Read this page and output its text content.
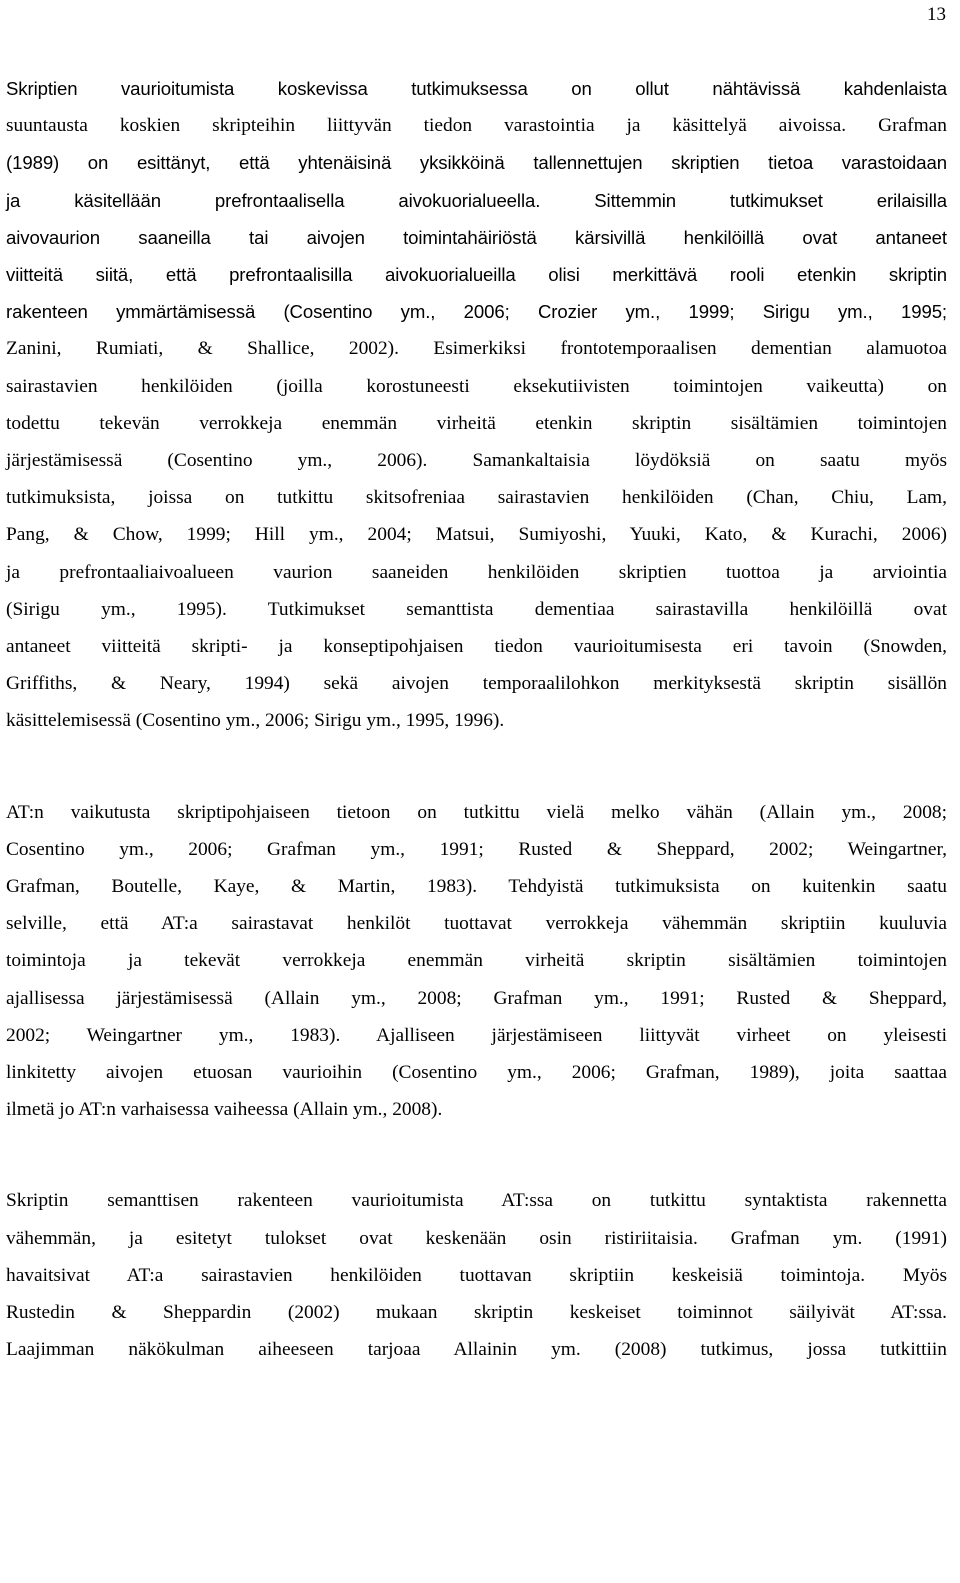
13
Skriptien vaurioitumista koskevissa tutkimuksessa on ollut nähtävissä kahdenlaista
suuntausta koskien skripteihin liittyvän tiedon varastointia ja käsittelyä aivoissa. Grafman
(1989) on esittänyt, että yhtenäisinä yksikköinä tallennettujen skriptien tietoa varastoidaan
ja käsitellään prefrontaalisella aivokuorialueella. Sittemmin tutkimukset erilaisilla
aivovaurion saaneilla tai aivojen toimintahäiriöstä kärsivillä henkilöillä ovat antaneet
viitteitä siitä, että prefrontaalisilla aivokuorialueilla olisi merkittävä rooli etenkin skriptin
rakenteen ymmärtämisessä (Cosentino ym., 2006; Crozier ym., 1999; Sirigu ym., 1995;
Zanini, Rumiati, & Shallice, 2002). Esimerkiksi frontotemporaalisen dementian alamuotoa
sairastavien henkilöiden (joilla korostuneesti eksekutiivisten toimintojen vaikeutta) on
todettu tekevän verrokkeja enemmän virheitä etenkin skriptin sisältämien toimintojen
järjestämisessä (Cosentino ym., 2006). Samankaltaisia löydöksiä on saatu myös
tutkimuksista, joissa on tutkittu skitsofreniaa sairastavien henkilöiden (Chan, Chiu, Lam,
Pang, & Chow, 1999; Hill ym., 2004; Matsui, Sumiyoshi, Yuuki, Kato, & Kurachi, 2006)
ja prefrontaaliaivoalueen vaurion saaneiden henkilöiden skriptien tuottoa ja arviointia
(Sirigu ym., 1995). Tutkimukset semanttista dementiaa sairastavilla henkilöillä ovat
antaneet viitteitä skripti- ja konseptipohjaisen tiedon vaurioitumisesta eri tavoin (Snowden,
Griffiths, & Neary, 1994) sekä aivojen temporaalilohkon merkityksestä skriptin sisällön
käsittelemisessä (Cosentino ym., 2006; Sirigu ym., 1995, 1996).
AT:n vaikutusta skriptipohjaiseen tietoon on tutkittu vielä melko vähän (Allain ym., 2008;
Cosentino ym., 2006; Grafman ym., 1991; Rusted & Sheppard, 2002; Weingartner,
Grafman, Boutelle, Kaye, & Martin, 1983). Tehdyistä tutkimuksista on kuitenkin saatu
selville, että AT:a sairastavat henkilöt tuottavat verrokkeja vähemmän skriptiin kuuluvia
toimintoja ja tekevät verrokkeja enemmän virheitä skriptin sisältämien toimintojen
ajallisessa järjestämisessä (Allain ym., 2008; Grafman ym., 1991; Rusted & Sheppard,
2002; Weingartner ym., 1983). Ajalliseen järjestämiseen liittyvät virheet on yleisesti
linkitetty aivojen etuosan vaurioihin (Cosentino ym., 2006; Grafman, 1989), joita saattaa
ilmetä jo AT:n varhaisessa vaiheessa (Allain ym., 2008).
Skriptin semanttisen rakenteen vaurioitumista AT:ssa on tutkittu syntaktista rakennetta
vähemmän, ja esitetyt tulokset ovat keskenään osin ristiriitaisia. Grafman ym. (1991)
havaitsivat AT:a sairastavien henkilöiden tuottavan skriptiin keskeisiä toimintoja. Myös
Rustedin & Sheppardin (2002) mukaan skriptin keskeiset toiminnot säilyivät AT:ssa.
Laajimman näkökulman aiheeseen tarjoaa Allainin ym. (2008) tutkimus, jossa tutkittiin
